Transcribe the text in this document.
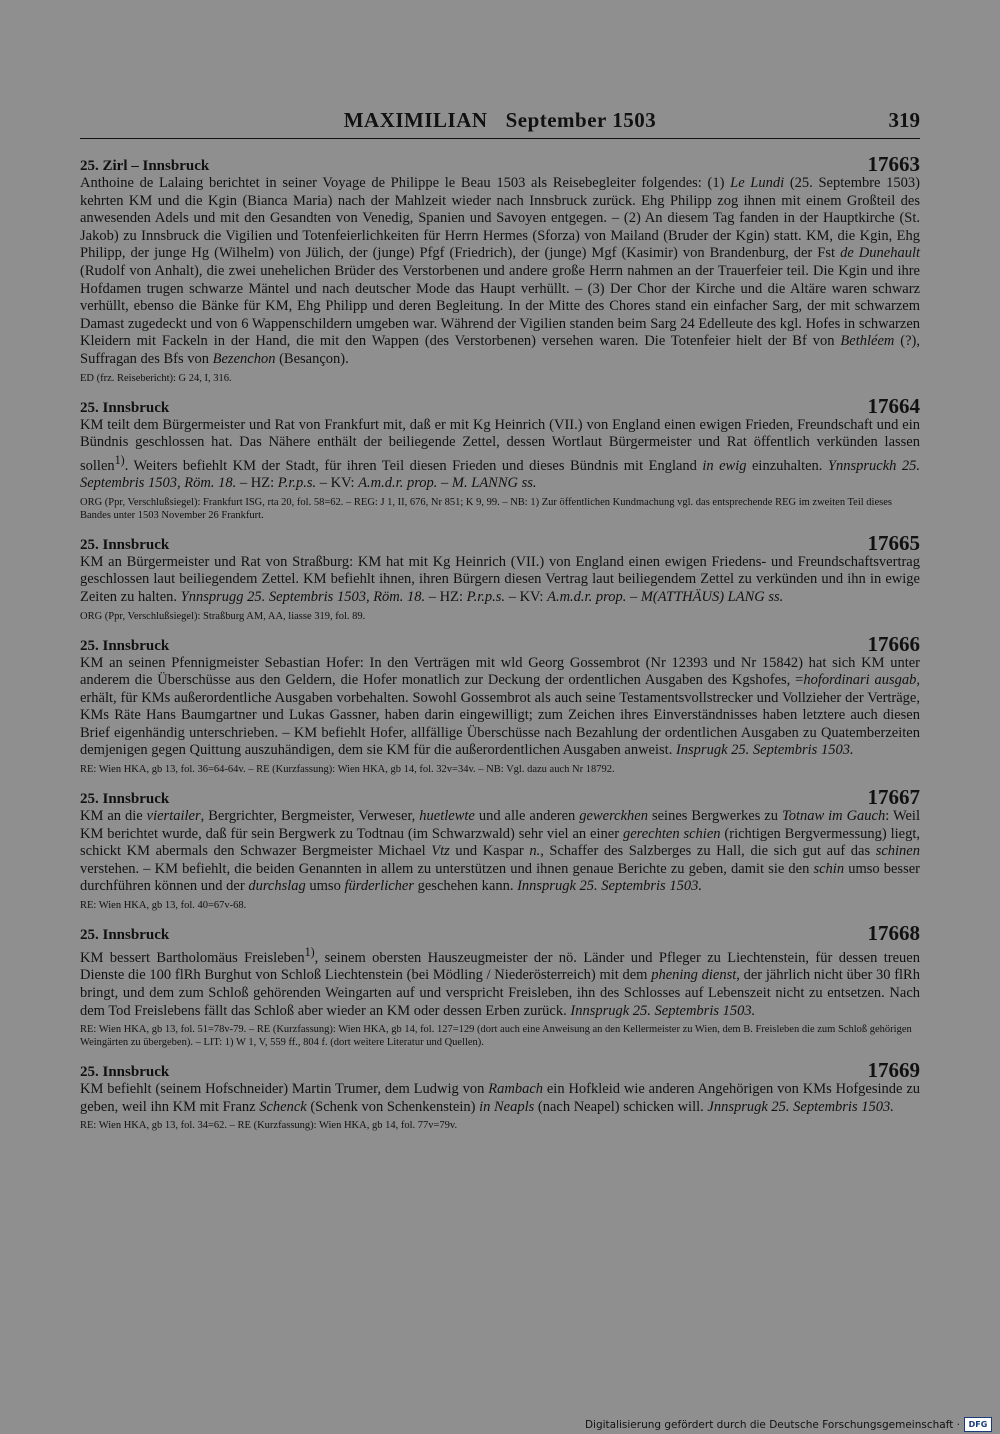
MAXIMILIAN September 1503	319
25. Zirl – Innsbruck	17663

Anthoine de Lalaing berichtet in seiner Voyage de Philippe le Beau 1503 als Reisebegleiter folgendes: (1) Le Lundi (25. Septembre 1503) kehrten KM und die Kgin (Bianca Maria) nach der Mahlzeit wieder nach Innsbruck zurück. Ehg Philipp zog ihnen mit einem Großteil des anwesenden Adels und mit den Gesandten von Venedig, Spanien und Savoyen entgegen. – (2) An diesem Tag fanden in der Hauptkirche (St. Jakob) zu Innsbruck die Vigilien und Totenfeierlichkeiten für Herrn Hermes (Sforza) von Mailand (Bruder der Kgin) statt. KM, die Kgin, Ehg Philipp, der junge Hg (Wilhelm) von Jülich, der (junge) Pfgf (Friedrich), der (junge) Mgf (Kasimir) von Brandenburg, der Fst de Dunehault (Rudolf von Anhalt), die zwei unehelichen Brüder des Verstorbenen und andere große Herrn nahmen an der Trauerfeier teil. Die Kgin und ihre Hofdamen trugen schwarze Mäntel und nach deutscher Mode das Haupt verhüllt. – (3) Der Chor der Kirche und die Altäre waren schwarz verhüllt, ebenso die Bänke für KM, Ehg Philipp und deren Begleitung. In der Mitte des Chores stand ein einfacher Sarg, der mit schwarzem Damast zugedeckt und von 6 Wappenschildern umgeben war. Während der Vigilien standen beim Sarg 24 Edelleute des kgl. Hofes in schwarzen Kleidern mit Fackeln in der Hand, die mit den Wappen (des Verstorbenen) versehen waren. Die Totenfeier hielt der Bf von Bethléem (?), Suffragan des Bfs von Bezenchon (Besançon).

ED (frz. Reisebericht): G 24, I, 316.
25. Innsbruck	17664

KM teilt dem Bürgermeister und Rat von Frankfurt mit, daß er mit Kg Heinrich (VII.) von England einen ewigen Frieden, Freundschaft und ein Bündnis geschlossen hat. Das Nähere enthält der beiliegende Zettel, dessen Wortlaut Bürgermeister und Rat öffentlich verkünden lassen sollen$^{1)}$. Weiters befiehlt KM der Stadt, für ihren Teil diesen Frieden und dieses Bündnis mit England in ewig einzuhalten. Ynnspruckh 25. Septembris 1503, Röm. 18. – HZ: P.r.p.s. – KV: A.m.d.r. prop. – M. LANNG ss.

ORG (Ppr, Verschlußsiegel): Frankfurt ISG, rta 20, fol. 58=62. – REG: J 1, II, 676, Nr 851; K 9, 99. – NB: 1) Zur öffentlichen Kundmachung vgl. das entsprechende REG im zweiten Teil dieses Bandes unter 1503 November 26 Frankfurt.
25. Innsbruck	17665

KM an Bürgermeister und Rat von Straßburg: KM hat mit Kg Heinrich (VII.) von England einen ewigen Friedens- und Freundschaftsvertrag geschlossen laut beiliegendem Zettel. KM befiehlt ihnen, ihren Bürgern diesen Vertrag laut beiliegendem Zettel zu verkünden und ihn in ewige Zeiten zu halten. Ynnsprugg 25. Septembris 1503, Röm. 18. – HZ: P.r.p.s. – KV: A.m.d.r. prop. – M(ATTHÄUS) LANG ss.

ORG (Ppr, Verschlußsiegel): Straßburg AM, AA, liasse 319, fol. 89.
25. Innsbruck	17666

KM an seinen Pfennigmeister Sebastian Hofer: In den Verträgen mit wld Georg Gossembrot (Nr 12393 und Nr 15842) hat sich KM unter anderem die Überschüsse aus den Geldern, die Hofer monatlich zur Deckung der ordentlichen Ausgaben des Kgshofes, =hofordinari ausgab, erhält, für KMs außerordentliche Ausgaben vorbehalten. Sowohl Gossembrot als auch seine Testamentsvollstrecker und Vollzieher der Verträge, KMs Räte Hans Baumgartner und Lukas Gassner, haben darin eingewilligt; zum Zeichen ihres Einverständnisses haben letztere auch diesen Brief eigenhändig unterschrieben. – KM befiehlt Hofer, allfällige Überschüsse nach Bezahlung der ordentlichen Ausgaben zu Quatemberzeiten demjenigen gegen Quittung auszuhändigen, dem sie KM für die außerordentlichen Ausgaben anweist. Insprugk 25. Septembris 1503.

RE: Wien HKA, gb 13, fol. 36=64-64v. – RE (Kurzfassung): Wien HKA, gb 14, fol. 32v=34v. – NB: Vgl. dazu auch Nr 18792.
25. Innsbruck	17667

KM an die viertailer, Bergrichter, Bergmeister, Verweser, huetlewte und alle anderen gewerckhen seines Bergwerkes zu Totnaw im Gauch: Weil KM berichtet wurde, daß für sein Bergwerk zu Todtnau (im Schwarzwald) sehr viel an einer gerechten schien (richtigen Bergvermessung) liegt, schickt KM abermals den Schwazer Bergmeister Michael Vtz und Kaspar n., Schaffer des Salzberges zu Hall, die sich gut auf das schinen verstehen. – KM befiehlt, die beiden Genannten in allem zu unterstützen und ihnen genaue Berichte zu geben, damit sie den schin umso besser durchführen können und der durchslag umso fürderlicher geschehen kann. Innsprugk 25. Septembris 1503.

RE: Wien HKA, gb 13, fol. 40=67v-68.
25. Innsbruck	17668

KM bessert Bartholomäus Freisleben$^{1)}$, seinem obersten Hauszeugmeister der nö. Länder und Pfleger zu Liechtenstein, für dessen treuen Dienste die 100 flRh Burghut von Schloß Liechtenstein (bei Mödling / Niederösterreich) mit dem phening dienst, der jährlich nicht über 30 flRh bringt, und dem zum Schloß gehörenden Weingarten auf und verspricht Freisleben, ihn des Schlosses auf Lebenszeit nicht zu entsetzen. Nach dem Tod Freislebens fällt das Schloß aber wieder an KM oder dessen Erben zurück. Innsprugk 25. Septembris 1503.

RE: Wien HKA, gb 13, fol. 51=78v-79. – RE (Kurzfassung): Wien HKA, gb 14, fol. 127=129 (dort auch eine Anweisung an den Kellermeister zu Wien, dem B. Freisleben die zum Schloß gehörigen Weingärten zu übergeben). – LIT: 1) W 1, V, 559 ff., 804 f. (dort weitere Literatur und Quellen).
25. Innsbruck	17669

KM befiehlt (seinem Hofschneider) Martin Trumer, dem Ludwig von Rambach ein Hofkleid wie anderen Angehörigen von KMs Hofgesinde zu geben, weil ihn KM mit Franz Schenck (Schenk von Schenkenstein) in Neapls (nach Neapel) schicken will. Jnnsprugk 25. Septembris 1503.

RE: Wien HKA, gb 13, fol. 34=62. – RE (Kurzfassung): Wien HKA, gb 14, fol. 77v=79v.
Digitalisierung gefördert durch die Deutsche Forschungsgemeinschaft ·	DFG
